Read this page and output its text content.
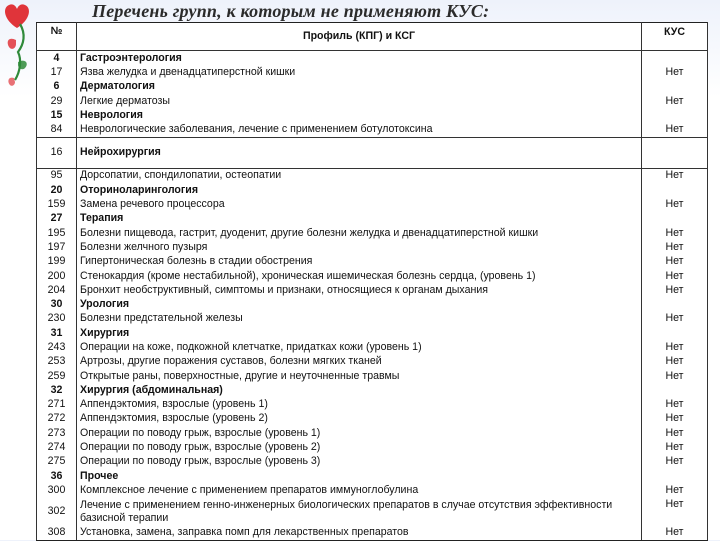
Перечень групп, к которым не применяют КУС:
№	Профиль (КПГ) и КСГ	КУС
4	Гастроэнтерология	
17	Язва желудка и двенадцатиперстной кишки	Нет
6	Дерматология	
29	Легкие дерматозы	Нет
15	Неврология	
84	Неврологические заболевания, лечение с применением ботулотоксина	Нет
16	Нейрохирургия	
95	Дорсопатии, спондилопатии, остеопатии	Нет
20	Оториноларингология	
159	Замена речевого процессора	Нет
27	Терапия	
195	Болезни пищевода, гастрит, дуоденит, другие болезни желудка и двенадцатиперстной кишки	Нет
197	Болезни желчного пузыря	Нет
199	Гипертоническая болезнь в стадии обострения	Нет
200	Стенокардия (кроме нестабильной), хроническая ишемическая болезнь сердца, (уровень 1)	Нет
204	Бронхит необструктивный, симптомы и признаки, относящиеся к органам дыхания	Нет
30	Урология	
230	Болезни предстательной железы	Нет
31	Хирургия	
243	Операции на коже, подкожной клетчатке, придатках кожи (уровень 1)	Нет
253	Артрозы, другие поражения суставов, болезни мягких тканей	Нет
259	Открытые раны, поверхностные, другие и неуточненные травмы	Нет
32	Хирургия (абдоминальная)	
271	Аппендэктомия, взрослые (уровень 1)	Нет
272	Аппендэктомия, взрослые (уровень 2)	Нет
273	Операции по поводу грыж, взрослые (уровень 1)	Нет
274	Операции по поводу грыж, взрослые (уровень 2)	Нет
275	Операции по поводу грыж, взрослые (уровень 3)	Нет
36	Прочее	
300	Комплексное лечение с применением препаратов иммуноглобулина	Нет
302	Лечение с применением генно-инженерных биологических препаратов в случае отсутствия эффективности базисной терапии	Нет
308	Установка, замена, заправка помп для лекарственных препаратов	Нет
